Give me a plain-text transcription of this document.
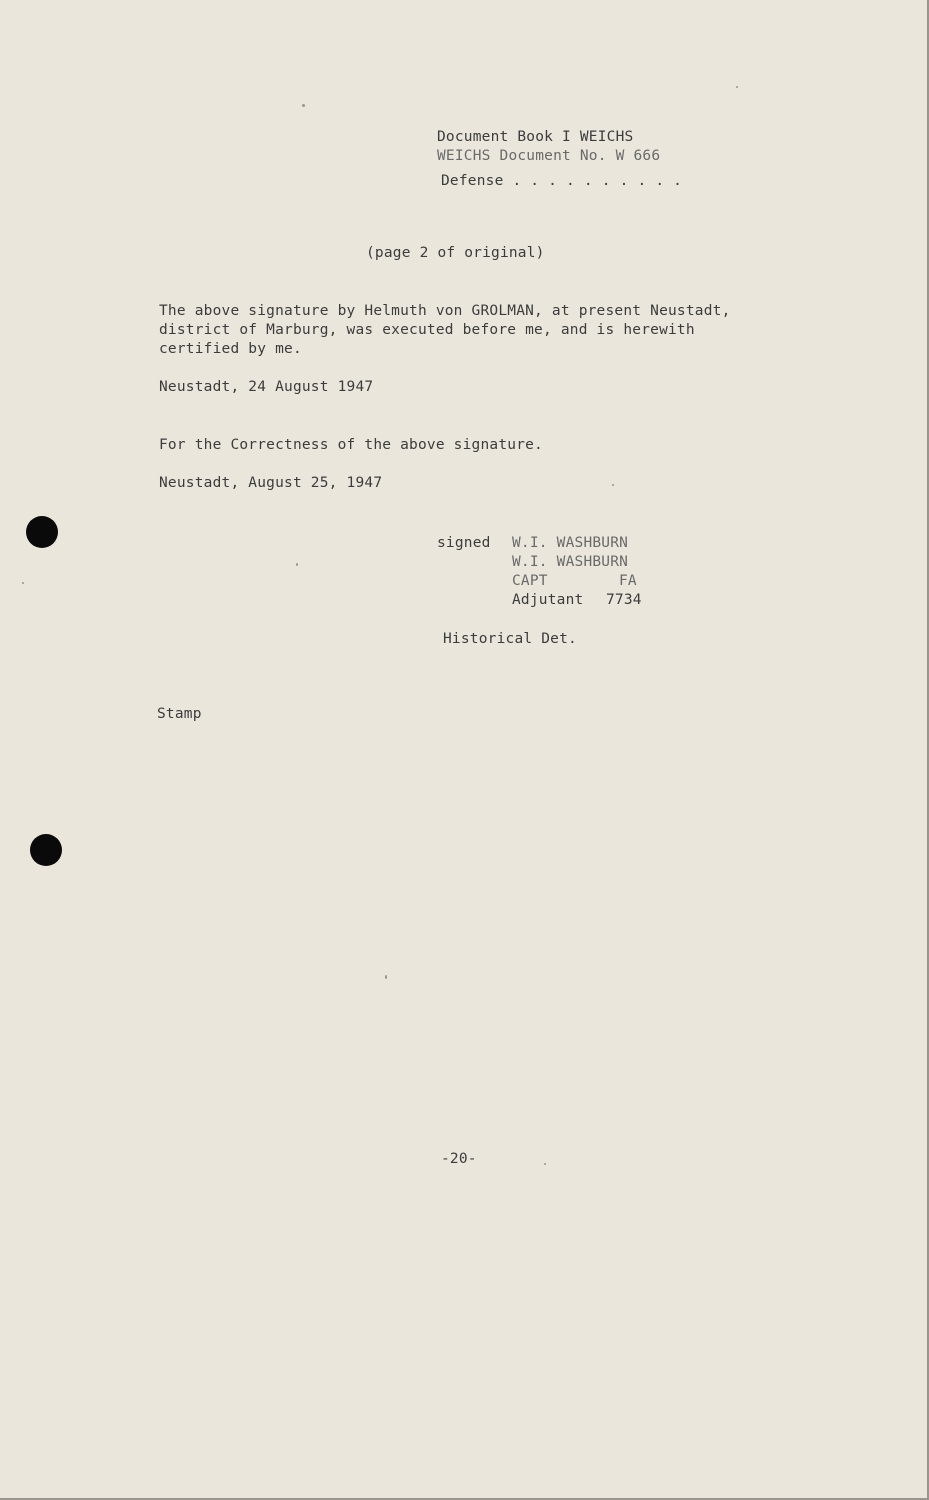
Document Book I WEICHS

WEICHS Document No. W 666

Defense . . . . . . . . . .

(page 2 of original)

The above signature by Helmuth von GROLMAN, at present Neustadt,

district of Marburg, was executed before me, and is herewith

certified by me.

Neustadt, 24 August 1947

For the Correctness of the above signature.

Neustadt, August 25, 1947

signed W.I. WASHBURN

W.I. WASHBURN

CAPT	FA

Adjutant 7734

Historical Det.

Stamp

-20-
